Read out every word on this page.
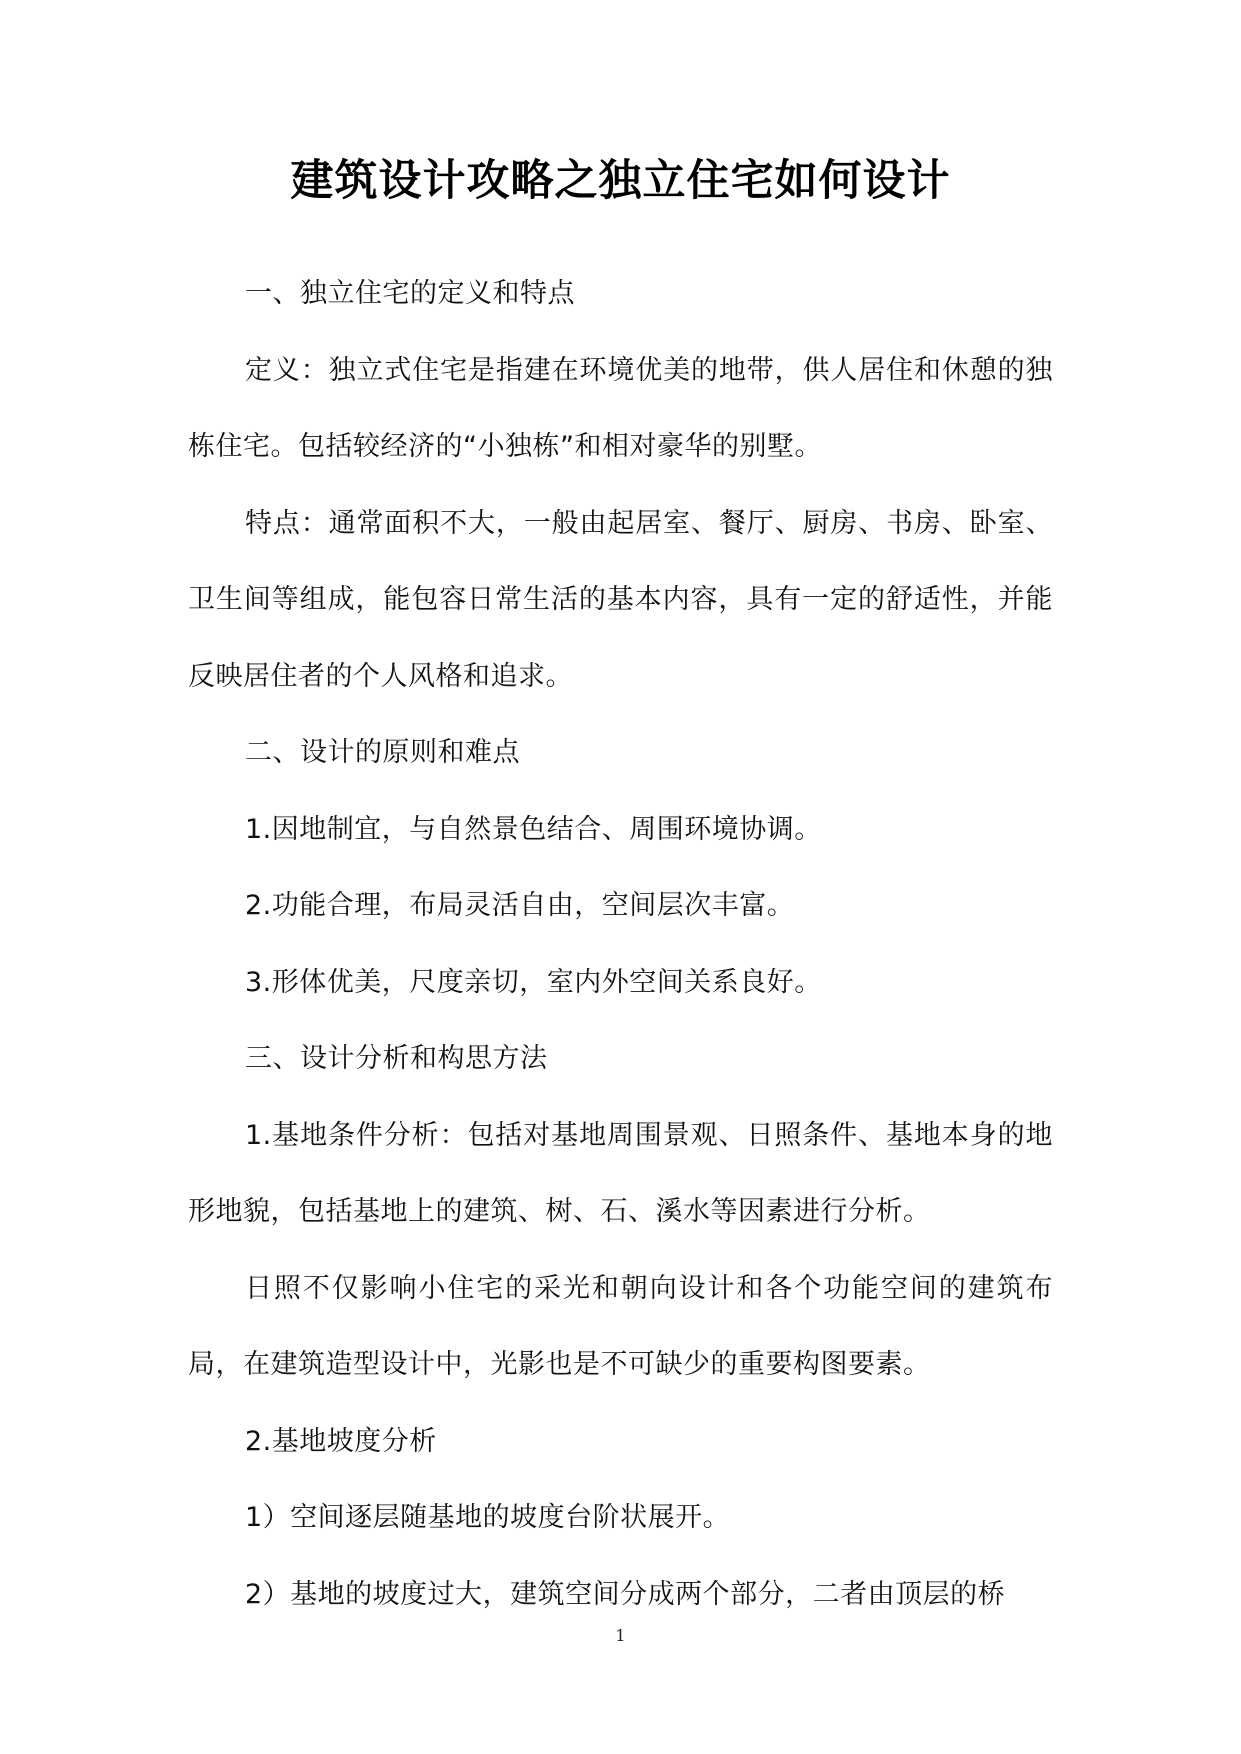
建筑设计攻略之独立住宅如何设计

一、独立住宅的定义和特点

定义：独立式住宅是指建在环境优美的地带，供人居住和休憩的独栋住宅。包括较经济的“小独栋”和相对豪华的别墅。

特点：通常面积不大，一般由起居室、餐厅、厨房、书房、卧室、卫生间等组成，能包容日常生活的基本内容，具有一定的舒适性，并能反映居住者的个人风格和追求。

二、设计的原则和难点

1.因地制宜，与自然景色结合、周围环境协调。

2.功能合理，布局灵活自由，空间层次丰富。

3.形体优美，尺度亲切，室内外空间关系良好。

三、设计分析和构思方法

1.基地条件分析：包括对基地周围景观、日照条件、基地本身的地形地貌，包括基地上的建筑、树、石、溪水等因素进行分析。

日照不仅影响小住宅的采光和朝向设计和各个功能空间的建筑布局，在建筑造型设计中，光影也是不可缺少的重要构图要素。

2.基地坡度分析

1）空间逐层随基地的坡度台阶状展开。

2）基地的坡度过大，建筑空间分成两个部分，二者由顶层的桥

1
